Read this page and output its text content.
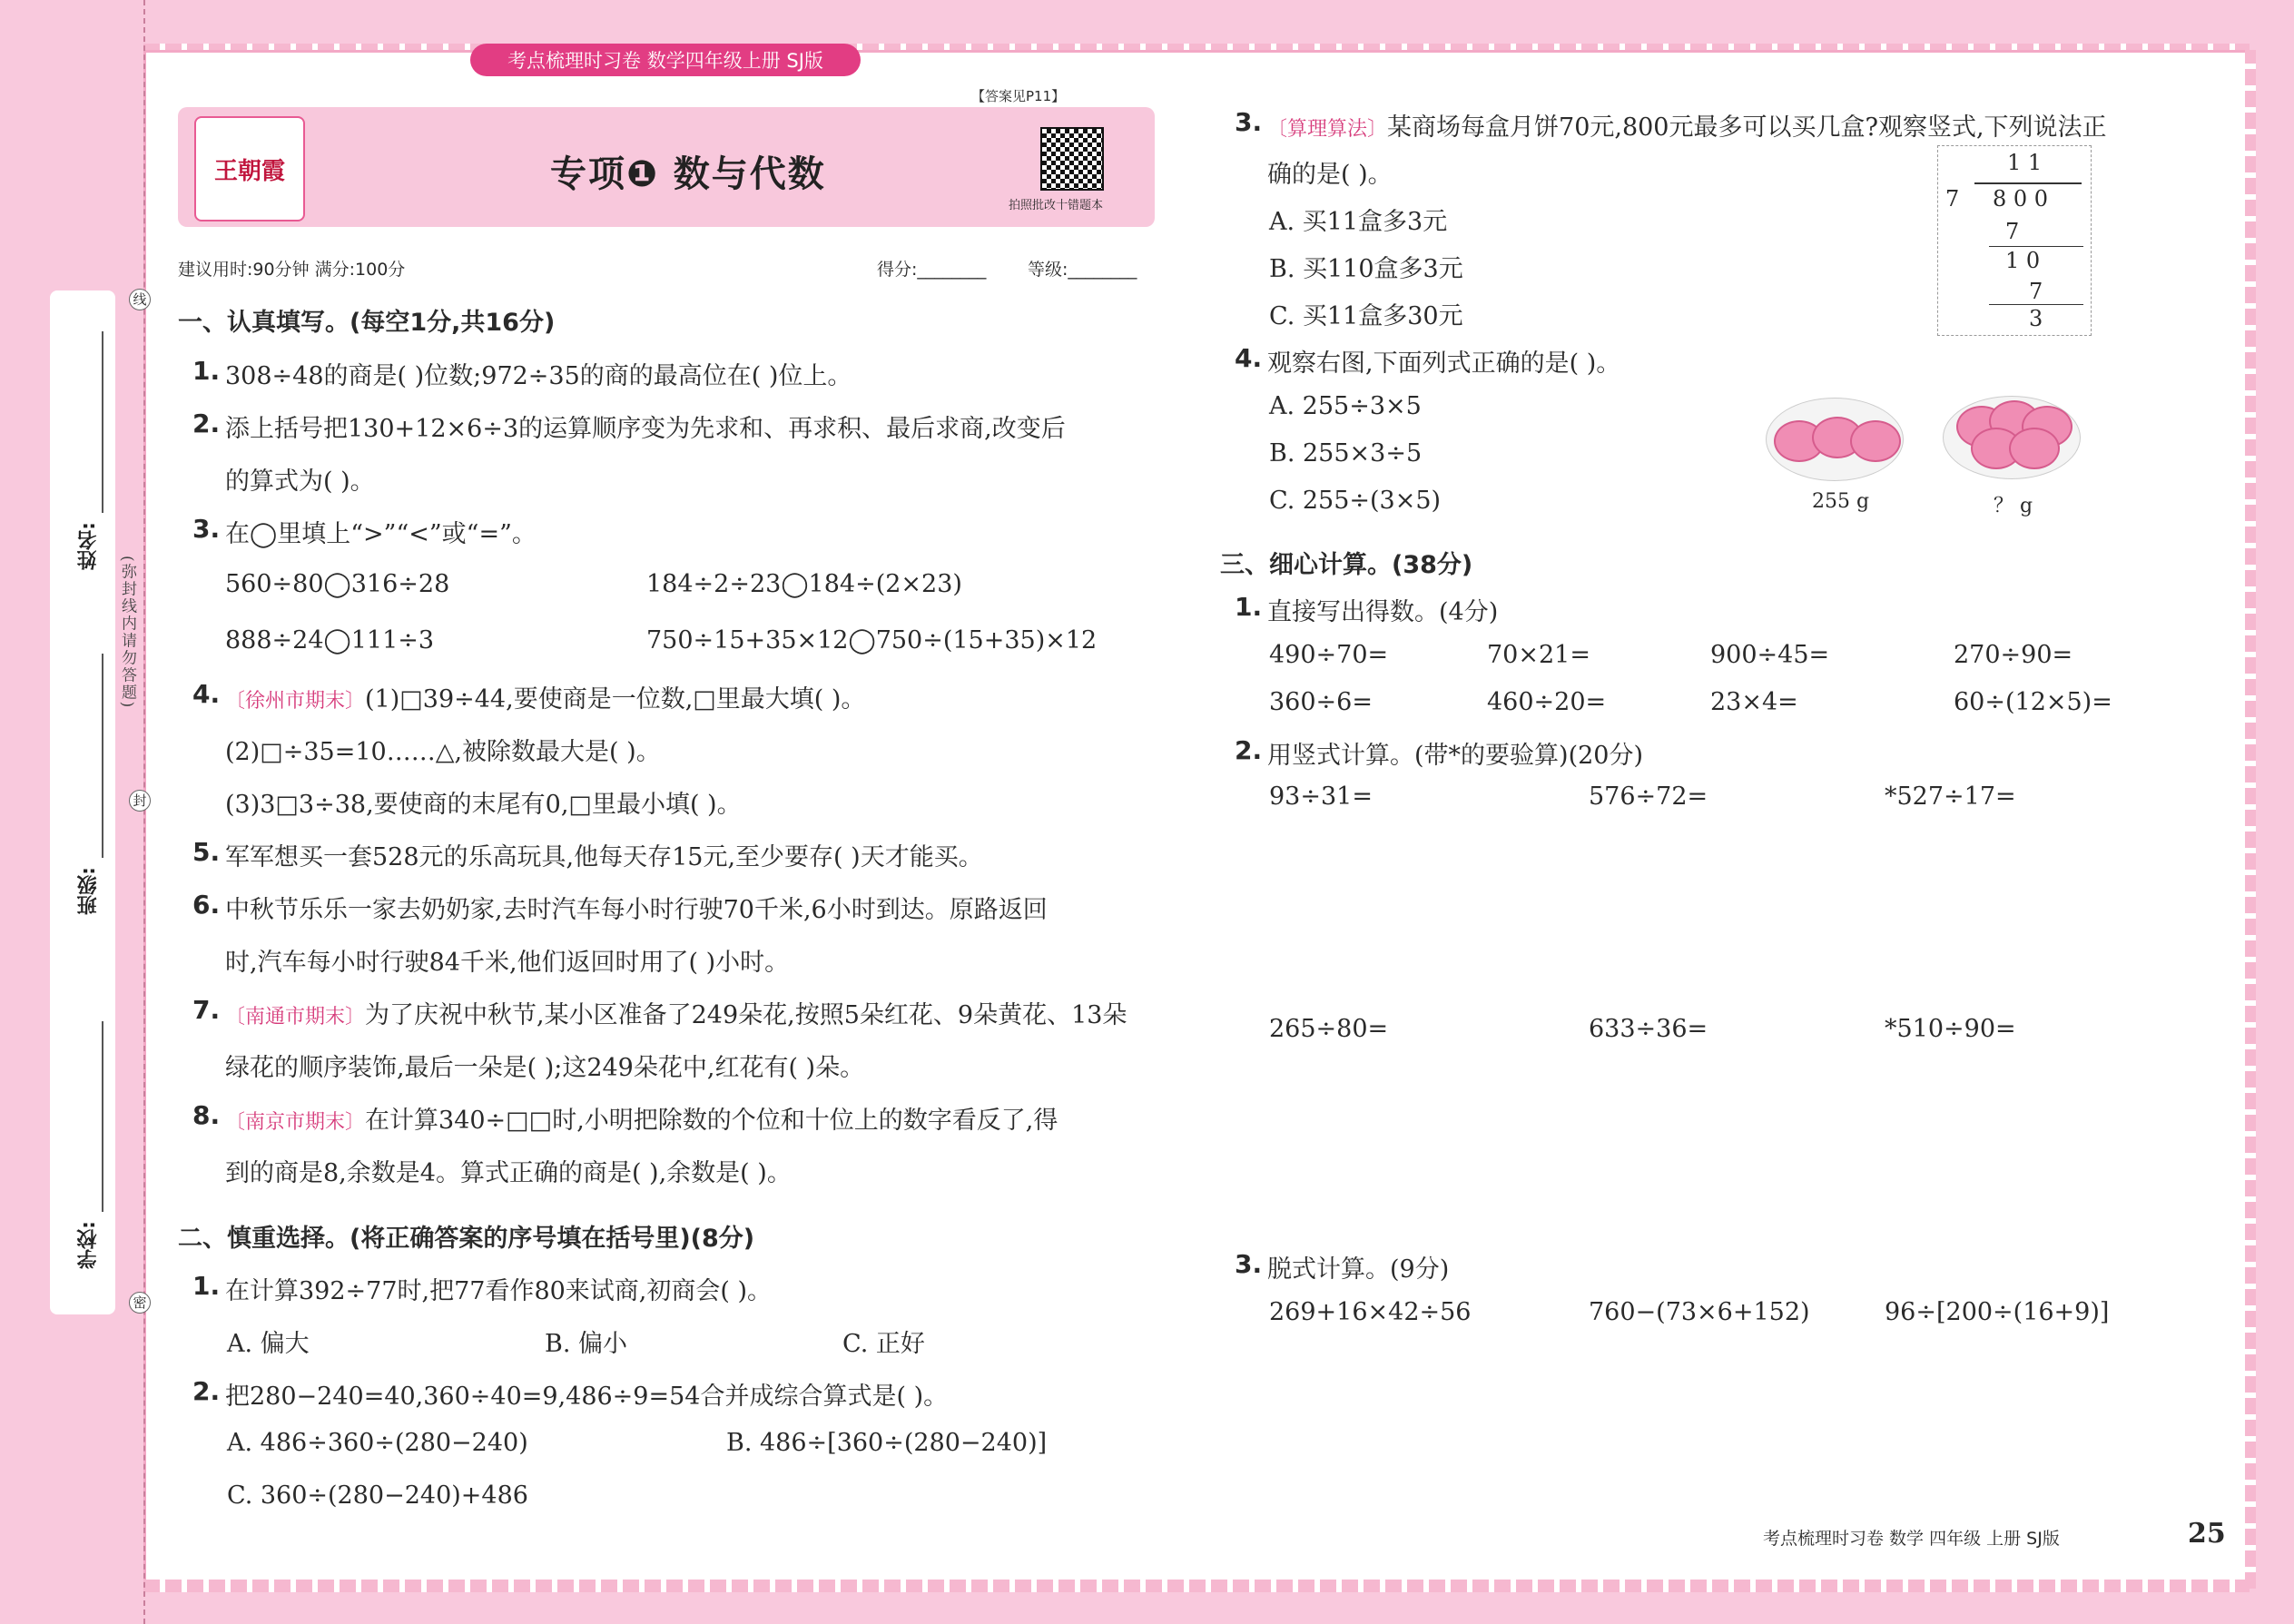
考点梳理时习卷 数学四年级上册 SJ版
姓名:
班级:
学校:
(弥封线内请勿答题)
线
封
密
【答案见P11】
王朝霞	专项❶ 数与代数
拍照批改十错题本
建议用时:90分钟 满分:100分	得分:________ 等级:________
一、认真填写。(每空1分,共16分)
1. 308÷48的商是( )位数;972÷35的商的最高位在( )位上。
2. 添上括号把130+12×6÷3的运算顺序变为先求和、再求积、最后求商,改变后
的算式为( )。
3. 在◯里填上“>”“<”或“=”。
560÷80◯316÷28	184÷2÷23◯184÷(2×23)
888÷24◯111÷3	750÷15+35×12◯750÷(15+35)×12
4. 〔徐州市期末〕(1)□39÷44,要使商是一位数,□里最大填( )。
(2)□÷35=10……△,被除数最大是( )。
(3)3□3÷38,要使商的末尾有0,□里最小填( )。
5. 军军想买一套528元的乐高玩具,他每天存15元,至少要存( )天才能买。
6. 中秋节乐乐一家去奶奶家,去时汽车每小时行驶70千米,6小时到达。原路返回
时,汽车每小时行驶84千米,他们返回时用了( )小时。
7. 〔南通市期末〕为了庆祝中秋节,某小区准备了249朵花,按照5朵红花、9朵黄花、13朵
绿花的顺序装饰,最后一朵是( );这249朵花中,红花有( )朵。
8. 〔南京市期末〕在计算340÷□□时,小明把除数的个位和十位上的数字看反了,得
到的商是8,余数是4。算式正确的商是( ),余数是( )。
二、慎重选择。(将正确答案的序号填在括号里)(8分)
1. 在计算392÷77时,把77看作80来试商,初商会( )。
A. 偏大	B. 偏小	C. 正好
2. 把280−240=40,360÷40=9,486÷9=54合并成综合算式是( )。
A. 486÷360÷(280−240)	B. 486÷[360÷(280−240)]
C. 360÷(280−240)+486
3. 〔算理算法〕某商场每盒月饼70元,800元最多可以买几盒?观察竖式,下列说法正
确的是( )。
A. 买11盒多3元
B. 买110盒多3元
C. 买11盒多30元
1 1
7 8 0 0
7
1 0
7
3
4. 观察右图,下面列式正确的是( )。
A. 255÷3×5
B. 255×3÷5
C. 255÷(3×5)	255 g	？ g
三、细心计算。(38分)
1. 直接写出得数。(4分)
490÷70=	70×21=	900÷45=	270÷90=
360÷6=	460÷20=	23×4=	60÷(12×5)=
2. 用竖式计算。(带*的要验算)(20分)
93÷31=	576÷72=	*527÷17=
265÷80=	633÷36=	*510÷90=
3. 脱式计算。(9分)
269+16×42÷56	760−(73×6+152)	96÷[200÷(16+9)]
考点梳理时习卷 数学 四年级 上册 SJ版	25
